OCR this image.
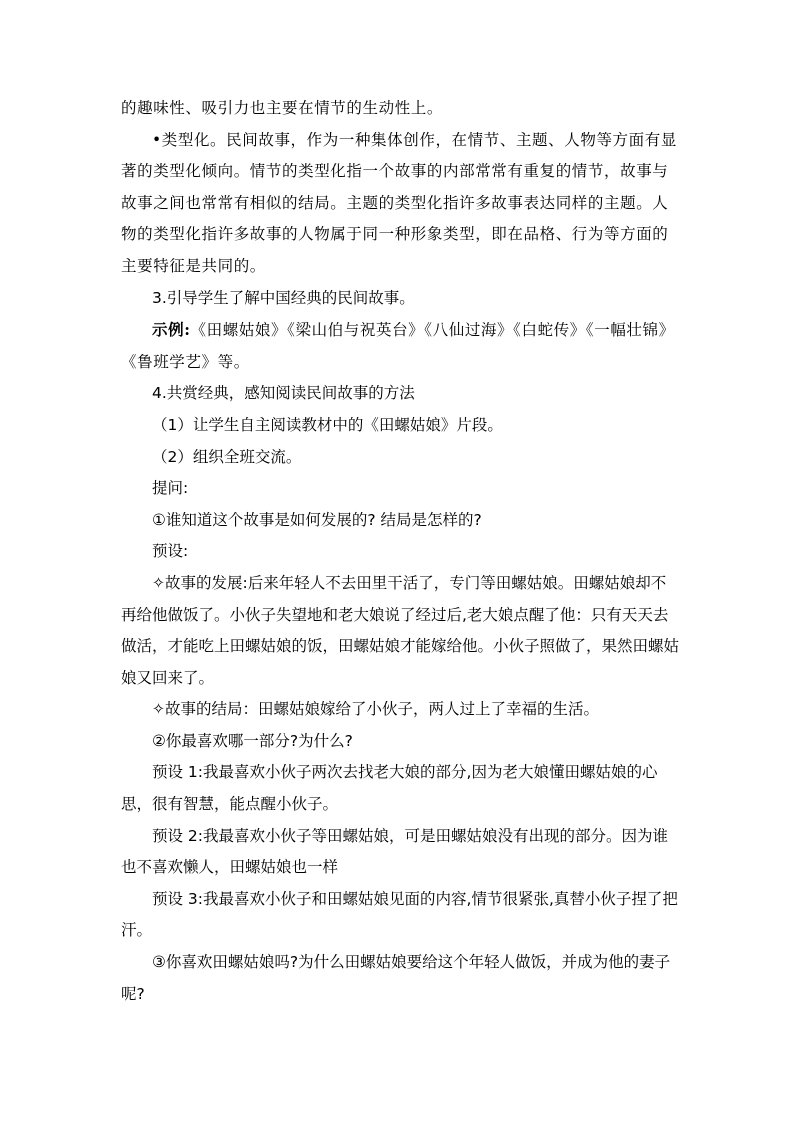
的趣味性、吸引力也主要在情节的生动性上。

•类型化。民间故事，作为一种集体创作，在情节、主题、人物等方面有显著的类型化倾向。情节的类型化指一个故事的内部常常有重复的情节，故事与故事之间也常常有相似的结局。主题的类型化指许多故事表达同样的主题。人物的类型化指许多故事的人物属于同一种形象类型，即在品格、行为等方面的主要特征是共同的。

3.引导学生了解中国经典的民间故事。

示例:《田螺姑娘》《梁山伯与祝英台》《八仙过海》《白蛇传》《一幅壮锦》《鲁班学艺》等。

4.共赏经典，感知阅读民间故事的方法

（1）让学生自主阅读教材中的《田螺姑娘》片段。

（2）组织全班交流。

提问:

①谁知道这个故事是如何发展的? 结局是怎样的?

预设:

✧故事的发展:后来年轻人不去田里干活了，专门等田螺姑娘。田螺姑娘却不再给他做饭了。小伙子失望地和老大娘说了经过后,老大娘点醒了他：只有天天去做活，才能吃上田螺姑娘的饭，田螺姑娘才能嫁给他。小伙子照做了，果然田螺姑娘又回来了。

✧故事的结局：田螺姑娘嫁给了小伙子，两人过上了幸福的生活。

②你最喜欢哪一部分?为什么?

预设 1:我最喜欢小伙子两次去找老大娘的部分,因为老大娘懂田螺姑娘的心思，很有智慧，能点醒小伙子。

预设 2:我最喜欢小伙子等田螺姑娘，可是田螺姑娘没有出现的部分。因为谁也不喜欢懒人，田螺姑娘也一样

预设 3:我最喜欢小伙子和田螺姑娘见面的内容,情节很紧张,真替小伙子捏了把汗。

③你喜欢田螺姑娘吗?为什么田螺姑娘要给这个年轻人做饭，并成为他的妻子呢?
